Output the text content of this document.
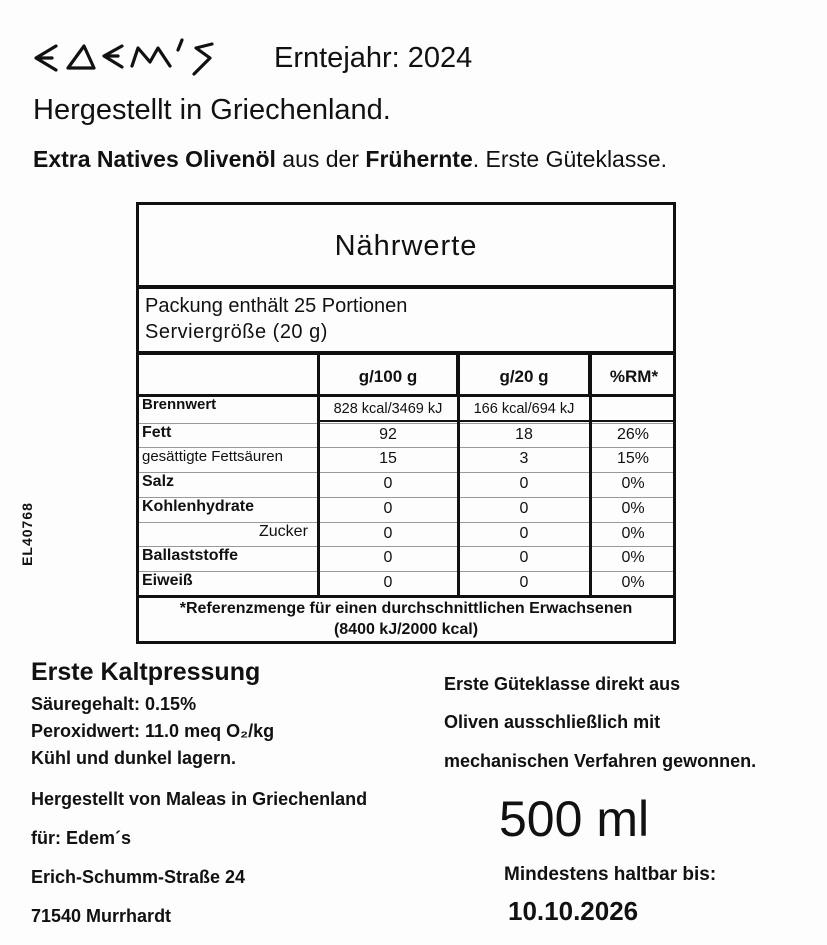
Erntejahr: 2024
Hergestellt in Griechenland.
Extra Natives Olivenöl aus der Frühernte. Erste Güteklasse.
Nährwerte
Packung enthält 25 Portionen
Serviergröße (20 g)
g/100 g	g/20 g	%RM*
Brennwert	828 kcal/3469 kJ	166 kcal/694 kJ
Fett	92	18	26%
gesättigte Fettsäuren	15	3	15%
Salz	0	0	0%
Kohlenhydrate	0	0	0%
Zucker	0	0	0%
Ballaststoffe	0	0	0%
Eiweiß	0	0	0%
*Referenzmenge für einen durchschnittlichen Erwachsenen
(8400 kJ/2000 kcal)
EL40768
Erste Kaltpressung
Säuregehalt: 0.15%
Peroxidwert: 11.0 meq O₂/kg
Kühl und dunkel lagern.
Hergestellt von Maleas in Griechenland
für: Edem´s
Erich-Schumm-Straße 24
71540 Murrhardt
Erste Güteklasse direkt aus
Oliven ausschließlich mit
mechanischen Verfahren gewonnen.
500 ml
Mindestens haltbar bis:
10.10.2026
